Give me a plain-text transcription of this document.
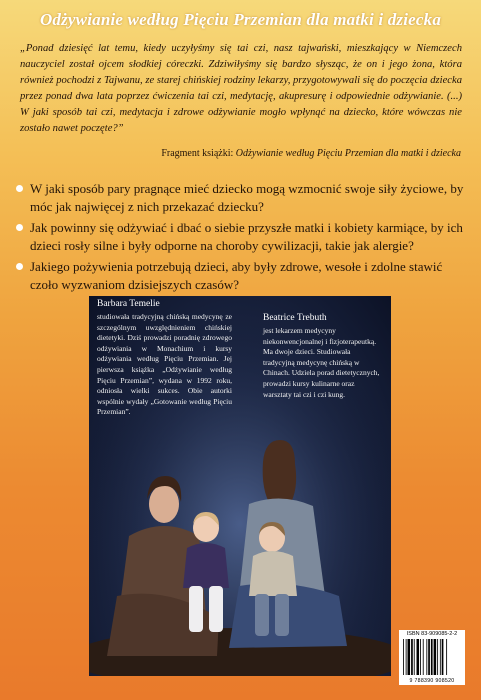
Odżywianie według Pięciu Przemian dla matki i dziecka
„Ponad dziesięć lat temu, kiedy uczyłyśmy się tai czi, nasz tajwański, mieszkający w Niemczech nauczyciel został ojcem słodkiej córeczki. Zdziwiłyśmy się bardzo słysząc, że on i jego żona, która również pochodzi z Tajwanu, ze starej chińskiej rodziny lekarzy, przygotowywali się do poczęcia dziecka przez ponad dwa lata poprzez ćwiczenia tai czi, medytację, akupresurę i odpowiednie odżywianie. (...) W jaki sposób tai czi, medytacja i zdrowe odżywianie mogło wpłynąć na dziecko, które wówczas nie zostało nawet poczęte?”
Fragment książki: Odżywianie według Pięciu Przemian dla matki i dziecka
W jaki sposób pary pragnące mieć dziecko mogą wzmocnić swoje siły życiowe, by móc jak najwięcej z nich przekazać dziecku?
Jak powinny się odżywiać i dbać o siebie przyszłe matki i kobiety karmiące, by ich dzieci rosły silne i były odporne na choroby cywilizacji, takie jak alergie?
Jakiego pożywienia potrzebują dzieci, aby były zdrowe, wesołe i zdolne stawić czoło wyzwaniom dzisiejszych czasów?
Barbara Temelie
studiowała tradycyjną chińską medycynę ze szczególnym uwzględnieniem chińskiej dietetyki. Dziś prowadzi poradnię zdrowego odżywiania w Monachium i kursy odżywiania według Pięciu Przemian. Jej pierwsza książka „Odżywianie według Pięciu Przemian”, wydana w 1992 roku, odniosła wielki sukces. Obie autorki wspólnie wydały „Gotowanie według Pięciu Przemian”.
Beatrice Trebuth
jest lekarzem medycyny niekonwencjonalnej i fizjoterapeutką. Ma dwoje dzieci. Studiowała tradycyjną medycynę chińską w Chinach. Udziela porad dietetycznych, prowadzi kursy kulinarne oraz warsztaty tai czi i czi kung.
ISBN 83-909085-2-2
9 788390 908520
